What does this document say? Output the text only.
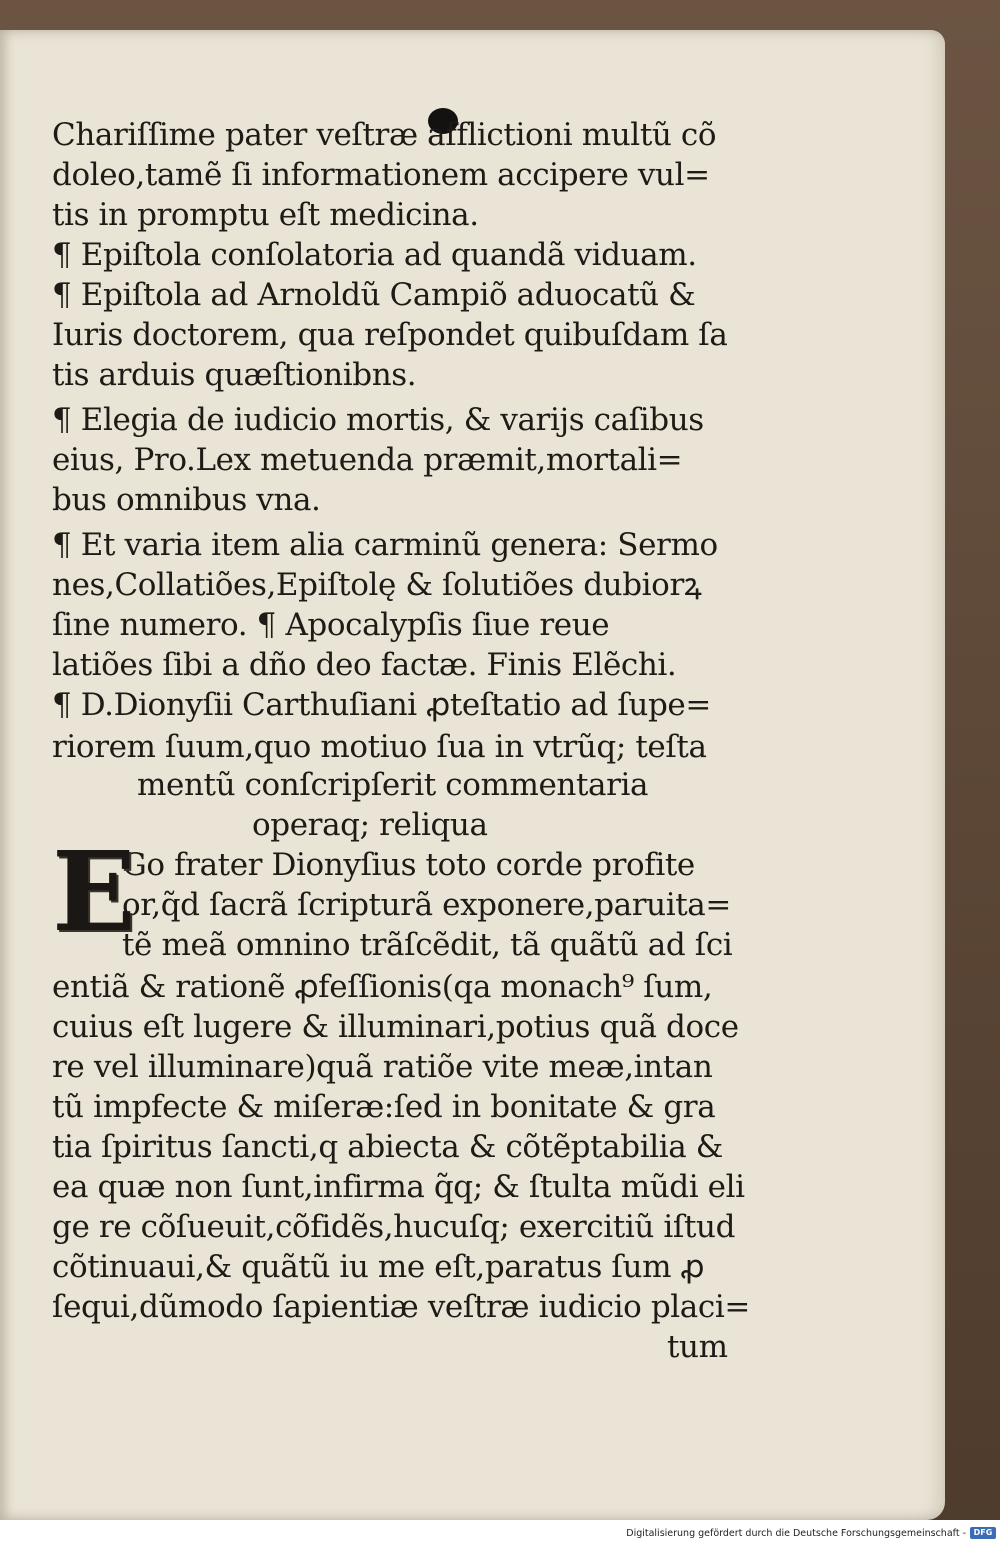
Chariſſime pater veſtræ afflictioni multũ cõ
doleo,tamẽ ſi informationem accipere vul=
tis in promptu eſt medicina.
¶ Epiſtola conſolatoria ad quandã viduam.
¶ Epiſtola ad Arnoldũ Campiõ aduocatũ &
Iuris doctorem, qua reſpondet quibuſdam ſa
tis arduis quæſtionibns.
¶ Elegia de iudicio mortis, & varijs caſibus
eius, Pro.Lex metuenda præmit,mortali=
bus omnibus vna.
¶ Et varia item alia carminũ genera: Sermo
nes,Collatiões,Epiſtolę & ſolutiões dubiorꝝ
ſine numero. ¶ Apocalypſis ſiue reue
latiões ſibi a dño deo factæ. Finis Elẽchi.
¶ D.Dionyſii Carthuſiani ꝓteſtatio ad ſupe=
riorem ſuum,quo motiuo ſua in vtrũq; teſta
mentũ conſcripſerit commentaria
operaq; reliqua
Go frater Dionyſius toto corde profite
or,q̃d ſacrã ſcripturã exponere,paruita=
tẽ meã omnino trãſcẽdit, tã quãtũ ad ſci
entiã & rationẽ ꝓfeſſionis(qa monach⁹ ſum,
cuius eſt lugere & illuminari,potius quã doce
re vel illuminare)quã ratiõe vite meæ,intan
tũ impfecte & miſeræ:ſed in bonitate & gra
tia ſpiritus ſancti,q abiecta & cõtẽptabilia &
ea quæ non ſunt,infirma q̃q; & ſtulta mũdi eli
ge re cõſueuit,cõfidẽs,hucuſq; exercitiũ iſtud
cõtinuaui,& quãtũ iu me eſt,paratus ſum ꝓ
ſequi,dũmodo ſapientiæ veſtræ iudicio placi=
tum
E
Digitalisierung gefördert durch die Deutsche Forschungsgemeinschaft - DFG
